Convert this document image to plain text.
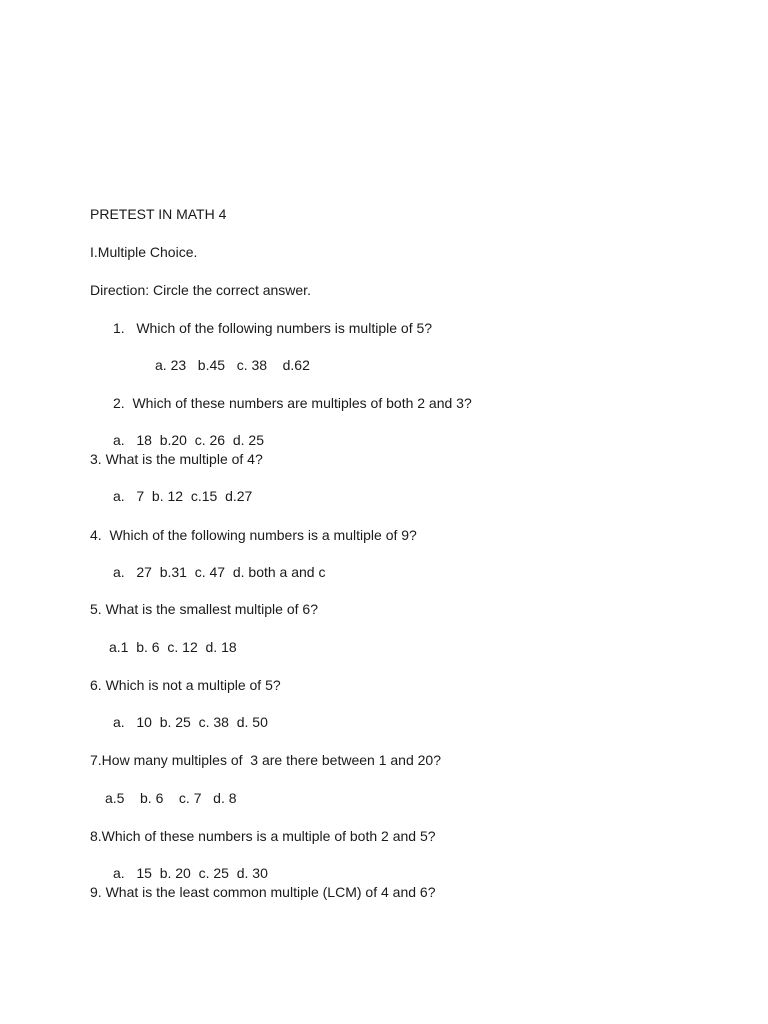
PRETEST IN MATH 4
I.Multiple Choice.
Direction: Circle the correct answer.
1.   Which of the following numbers is multiple of 5?
a. 23   b.45   c. 38    d.62
2.  Which of these numbers are multiples of both 2 and 3?
a.   18  b.20  c. 26  d. 25
3. What is the multiple of 4?
a.   7  b. 12  c.15  d.27
4.  Which of the following numbers is a multiple of 9?
a.   27  b.31  c. 47  d. both a and c
5. What is the smallest multiple of 6?
a.1  b. 6  c. 12  d. 18
6. Which is not a multiple of 5?
a.   10  b. 25  c. 38  d. 50
7.How many multiples of  3 are there between 1 and 20?
a.5    b. 6    c. 7   d. 8
8.Which of these numbers is a multiple of both 2 and 5?
a.   15  b. 20  c. 25  d. 30
9. What is the least common multiple (LCM) of 4 and 6?
